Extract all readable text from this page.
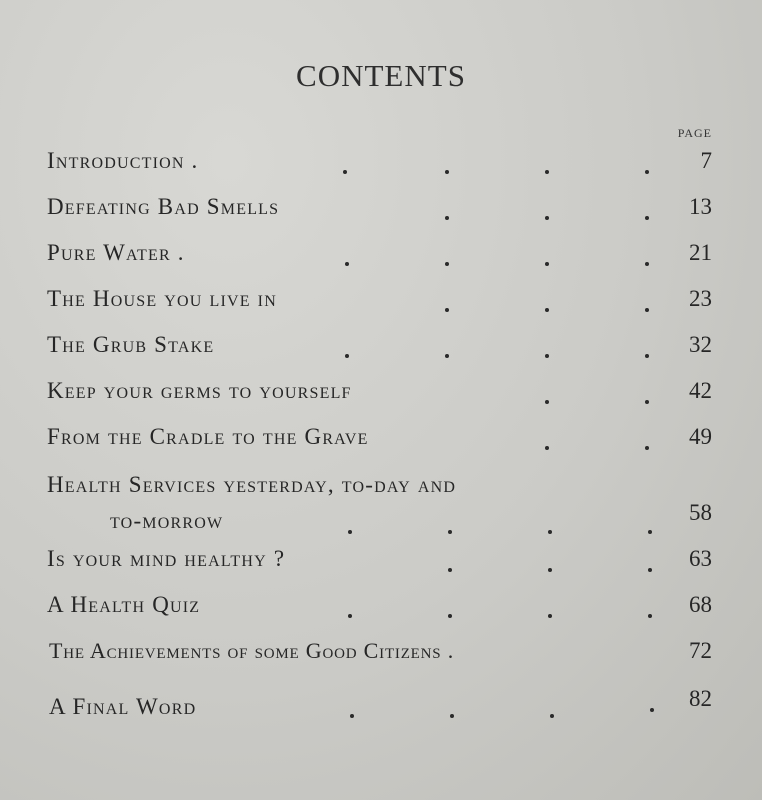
CONTENTS
PAGE
Introduction .	7
Defeating Bad Smells	13
Pure Water .	21
The House you live in	23
The Grub Stake	32
Keep your germs to yourself	42
From the Cradle to the Grave	49
Health Services yesterday, to-day and
to-morrow	58
Is your mind healthy ?	63
A Health Quiz	68
The Achievements of some Good Citizens .	72
A Final Word	82
